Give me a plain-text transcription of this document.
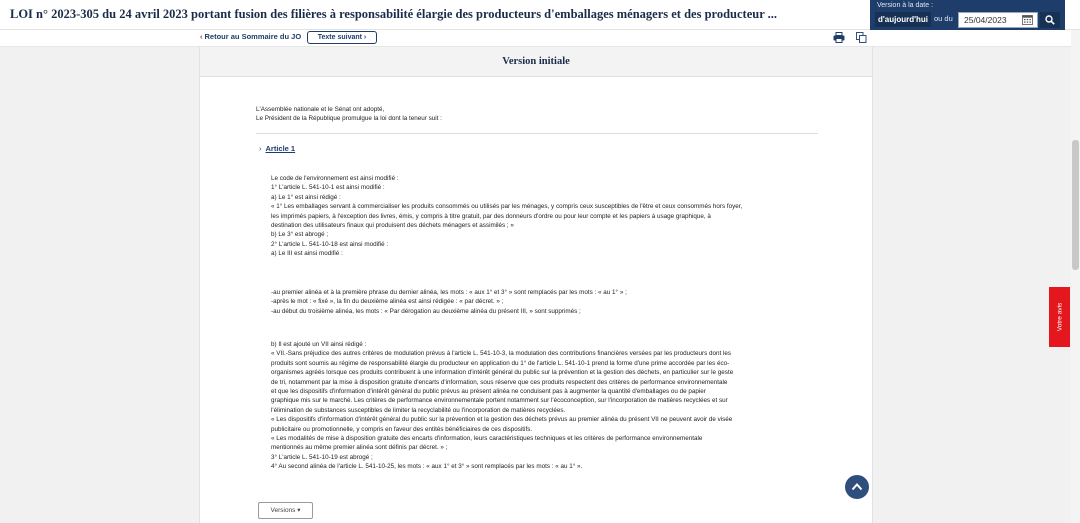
LOI n° 2023-305 du 24 avril 2023 portant fusion des filières à responsabilité élargie des producteurs d'emballages ménagers et des producteur ...
Version à la date :
d'aujourd'hui ou du
25/04/2023
‹ Retour au Sommaire du JO	Texte suivant ›
Version initiale
L'Assemblée nationale et le Sénat ont adopté,
Le Président de la République promulgue la loi dont la teneur suit :
› Article 1
Le code de l'environnement est ainsi modifié :
1° L'article L. 541-10-1 est ainsi modifié :
a) Le 1° est ainsi rédigé :
« 1° Les emballages servant à commercialiser les produits consommés ou utilisés par les ménages, y compris ceux susceptibles de l'être et ceux consommés hors foyer,
les imprimés papiers, à l'exception des livres, émis, y compris à titre gratuit, par des donneurs d'ordre ou pour leur compte et les papiers à usage graphique, à
destination des utilisateurs finaux qui produisent des déchets ménagers et assimilés ; »
b) Le 3° est abrogé ;
2° L'article L. 541-10-18 est ainsi modifié :
a) Le III est ainsi modifié :
-au premier alinéa et à la première phrase du dernier alinéa, les mots : « aux 1° et 3° » sont remplacés par les mots : « au 1° » ;
-après le mot : « fixé », la fin du deuxième alinéa est ainsi rédigée : « par décret. » ;
-au début du troisième alinéa, les mots : « Par dérogation au deuxième alinéa du présent III, » sont supprimés ;
b) Il est ajouté un VII ainsi rédigé :
« VII.-Sans préjudice des autres critères de modulation prévus à l'article L. 541-10-3, la modulation des contributions financières versées par les producteurs dont les
produits sont soumis au régime de responsabilité élargie du producteur en application du 1° de l'article L. 541-10-1 prend la forme d'une prime accordée par les éco-
organismes agréés lorsque ces produits contribuent à une information d'intérêt général du public sur la prévention et la gestion des déchets, en particulier sur le geste
de tri, notamment par la mise à disposition gratuite d'encarts d'information, sous réserve que ces produits respectent des critères de performance environnementale
et que les dispositifs d'information d'intérêt général du public prévus au présent alinéa ne conduisent pas à augmenter la quantité d'emballages ou de papier
graphique mis sur le marché. Les critères de performance environnementale portent notamment sur l'écoconception, sur l'incorporation de matières recyclées et sur
l'élimination de substances susceptibles de limiter la recyclabilité ou l'incorporation de matières recyclées.
« Les dispositifs d'information d'intérêt général du public sur la prévention et la gestion des déchets prévus au premier alinéa du présent VII ne peuvent avoir de visée
publicitaire ou promotionnelle, y compris en faveur des entités bénéficiaires de ces dispositifs.
« Les modalités de mise à disposition gratuite des encarts d'information, leurs caractéristiques techniques et les critères de performance environnementale
mentionnés au même premier alinéa sont définis par décret. » ;
3° L'article L. 541-10-19 est abrogé ;
4° Au second alinéa de l'article L. 541-10-25, les mots : « aux 1° et 3° » sont remplacés par les mots : « au 1° ».
Versions ▾
Votre avis
